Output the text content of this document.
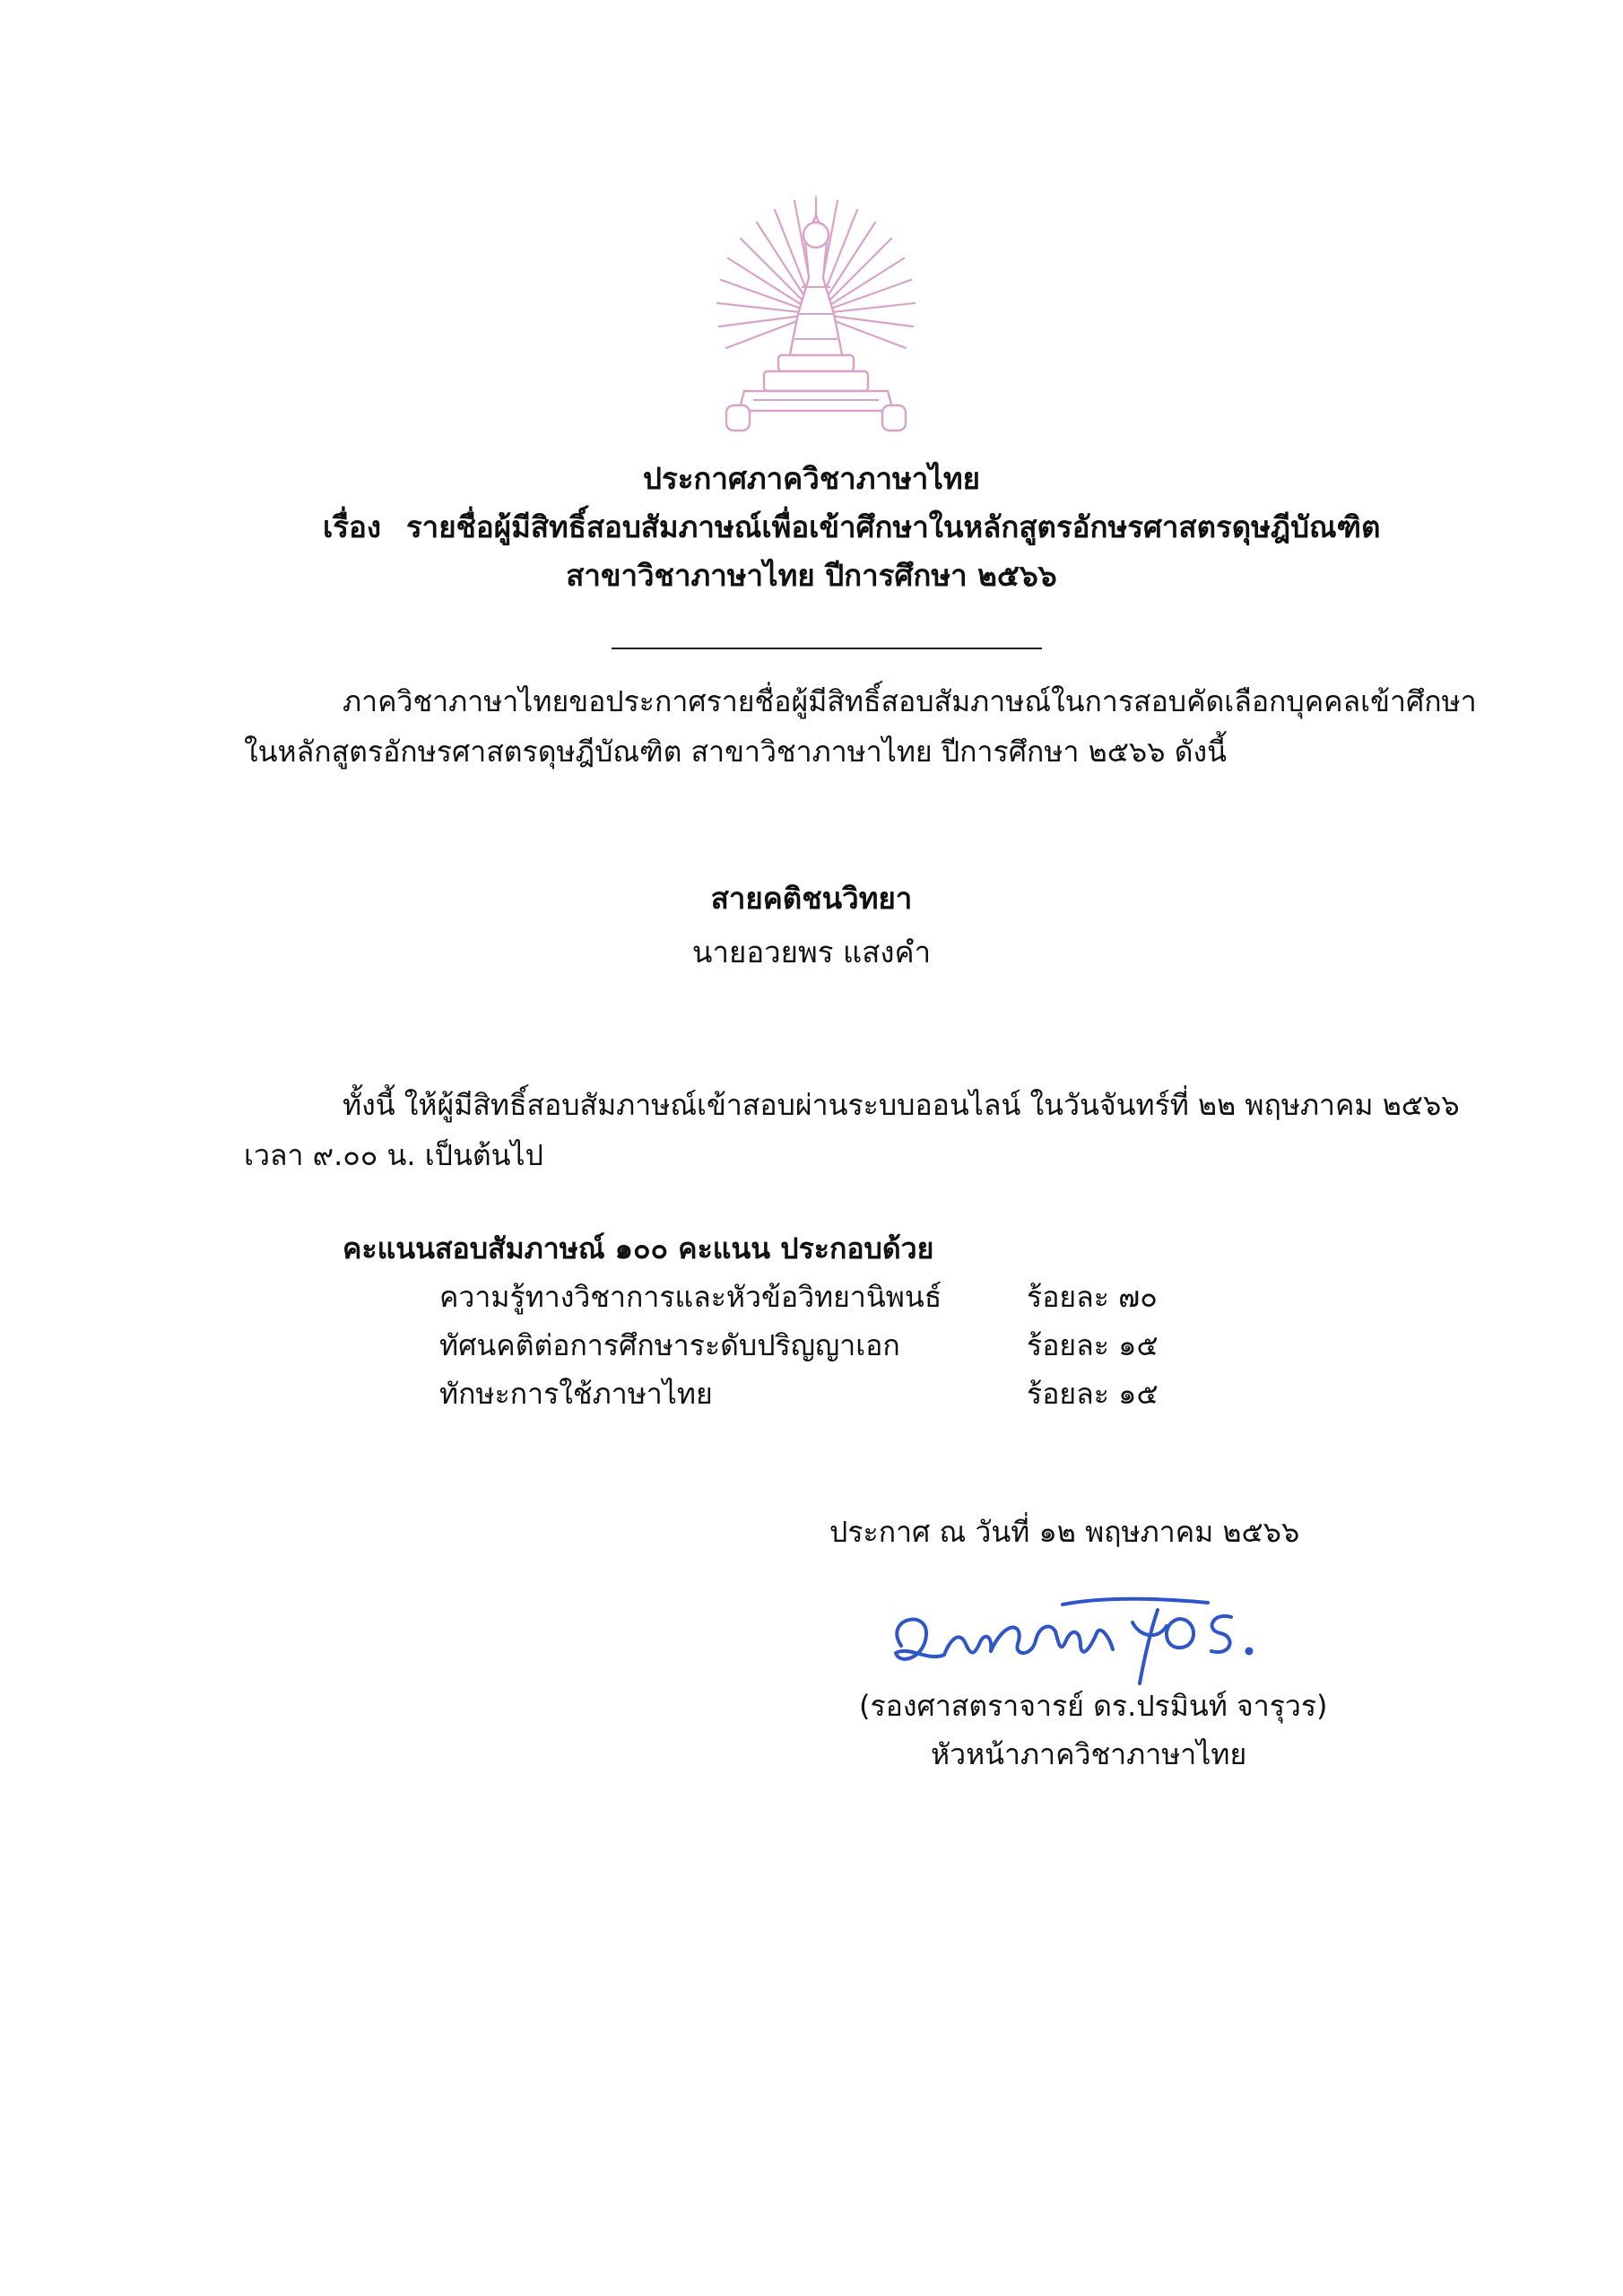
ประกาศภาควิชาภาษาไทย
เรื่อง รายชื่อผู้มีสิทธิ์สอบสัมภาษณ์เพื่อเข้าศึกษาในหลักสูตรอักษรศาสตรดุษฎีบัณฑิต
สาขาวิชาภาษาไทย ปีการศึกษา ๒๕๖๖
ภาควิชาภาษาไทยขอประกาศรายชื่อผู้มีสิทธิ์สอบสัมภาษณ์ในการสอบคัดเลือกบุคคลเข้าศึกษา
ในหลักสูตรอักษรศาสตรดุษฎีบัณฑิต สาขาวิชาภาษาไทย ปีการศึกษา ๒๕๖๖ ดังนี้
สายคติชนวิทยา
นายอวยพร แสงคำ
ทั้งนี้ ให้ผู้มีสิทธิ์สอบสัมภาษณ์เข้าสอบผ่านระบบออนไลน์ ในวันจันทร์ที่ ๒๒ พฤษภาคม ๒๕๖๖
เวลา ๙.๐๐ น. เป็นต้นไป
คะแนนสอบสัมภาษณ์ ๑๐๐ คะแนน ประกอบด้วย
ความรู้ทางวิชาการและหัวข้อวิทยานิพนธ์	ร้อยละ ๗๐
ทัศนคติต่อการศึกษาระดับปริญญาเอก	ร้อยละ ๑๕
ทักษะการใช้ภาษาไทย	ร้อยละ ๑๕
ประกาศ ณ วันที่ ๑๒ พฤษภาคม ๒๕๖๖
(รองศาสตราจารย์ ดร.ปรมินท์ จารุวร)
หัวหน้าภาควิชาภาษาไทย
